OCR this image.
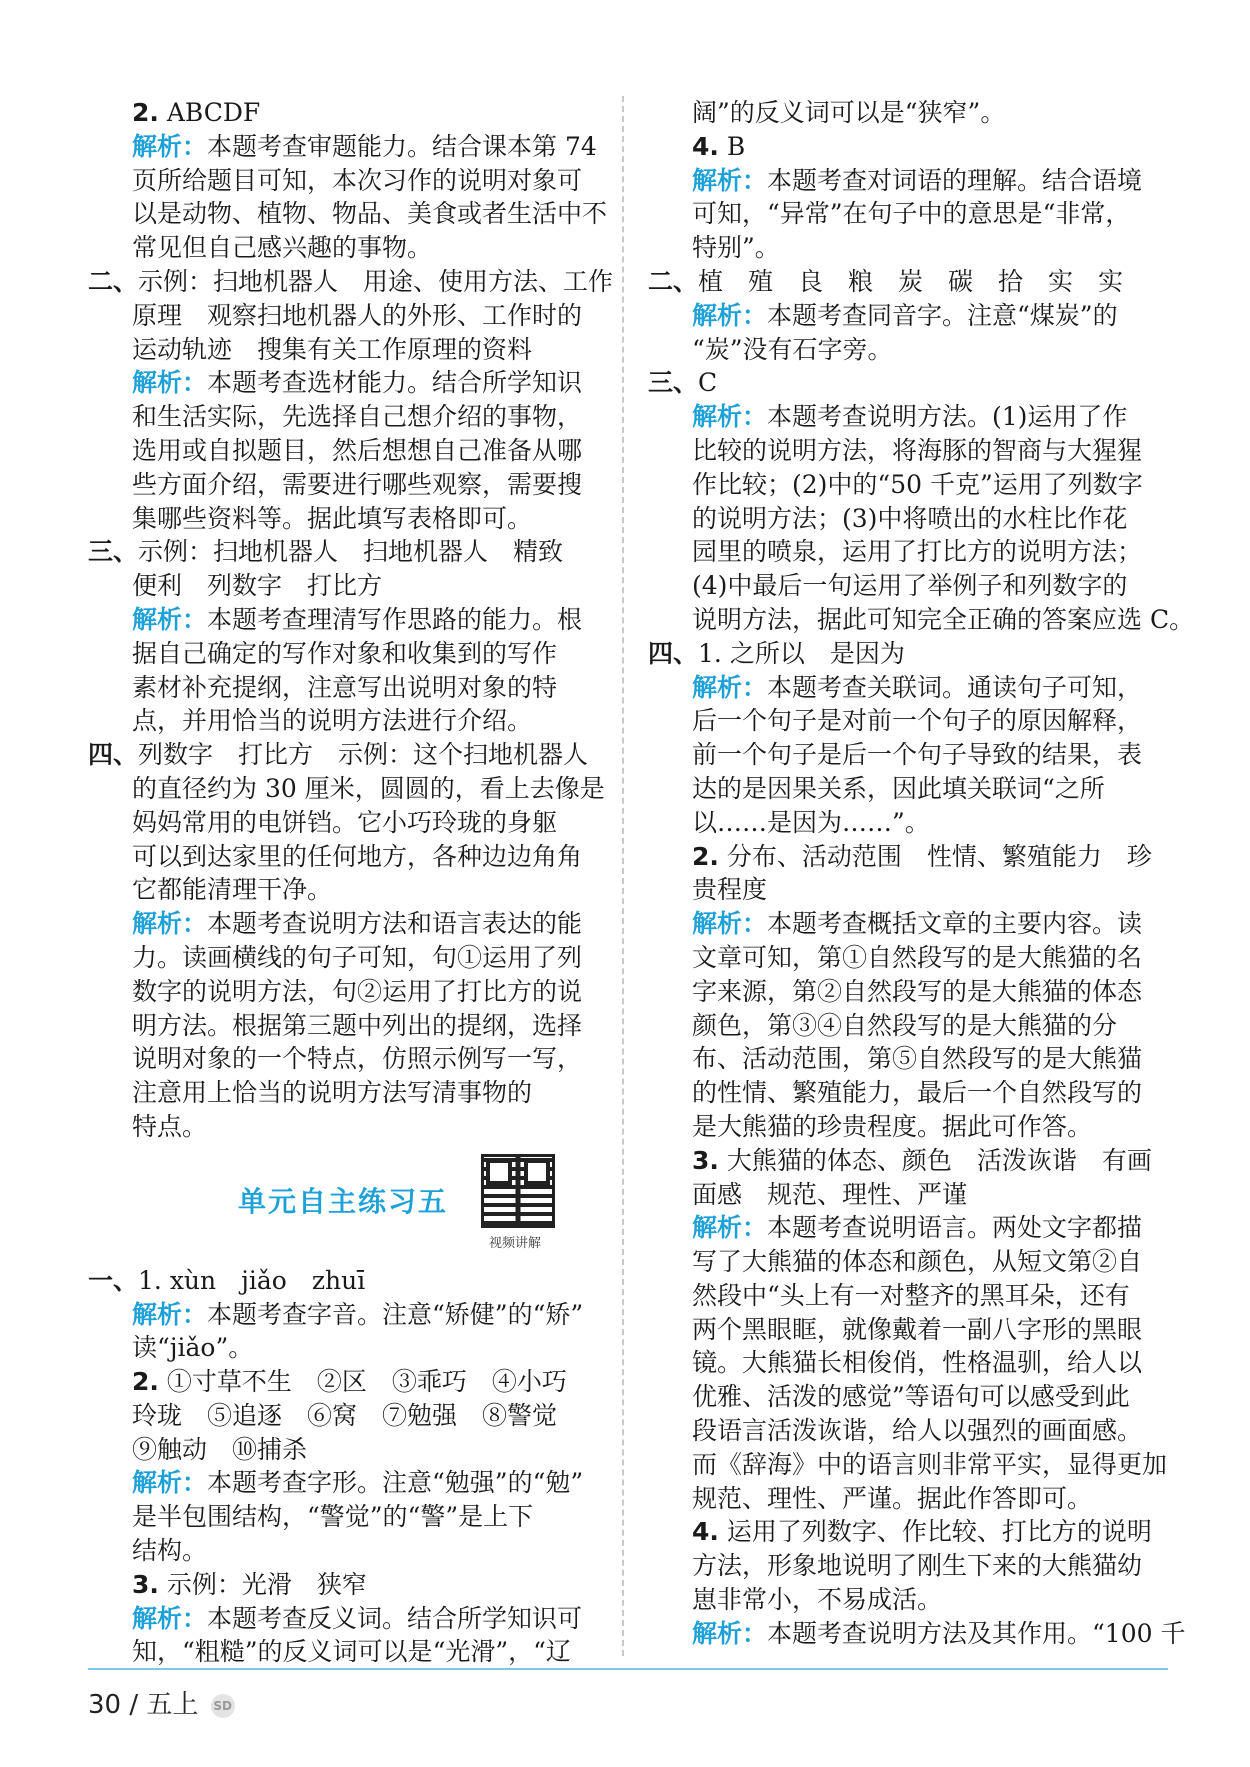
2. ABCDF
解析：本题考查审题能力。结合课本第 74
页所给题目可知，本次习作的说明对象可
以是动物、植物、物品、美食或者生活中不
常见但自己感兴趣的事物。
二、示例：扫地机器人　用途、使用方法、工作
原理　观察扫地机器人的外形、工作时的
运动轨迹　搜集有关工作原理的资料
解析：本题考查选材能力。结合所学知识
和生活实际，先选择自己想介绍的事物，
选用或自拟题目，然后想想自己准备从哪
些方面介绍，需要进行哪些观察，需要搜
集哪些资料等。据此填写表格即可。
三、示例：扫地机器人　扫地机器人　精致
便利　列数字　打比方
解析：本题考查理清写作思路的能力。根
据自己确定的写作对象和收集到的写作
素材补充提纲，注意写出说明对象的特
点，并用恰当的说明方法进行介绍。
四、列数字　打比方　示例：这个扫地机器人
的直径约为 30 厘米，圆圆的，看上去像是
妈妈常用的电饼铛。它小巧玲珑的身躯
可以到达家里的任何地方，各种边边角角
它都能清理干净。
解析：本题考查说明方法和语言表达的能
力。读画横线的句子可知，句①运用了列
数字的说明方法，句②运用了打比方的说
明方法。根据第三题中列出的提纲，选择
说明对象的一个特点，仿照示例写一写，
注意用上恰当的说明方法写清事物的
特点。
单元自主练习五
视频讲解
一、1. xùn　jiǎo　zhuī
解析：本题考查字音。注意“矫健”的“矫”
读“jiǎo”。
2. ①寸草不生　②区　③乖巧　④小巧
玲珑　⑤追逐　⑥窝　⑦勉强　⑧警觉
⑨触动　⑩捕杀
解析：本题考查字形。注意“勉强”的“勉”
是半包围结构，“警觉”的“警”是上下
结构。
3. 示例：光滑　狭窄
解析：本题考查反义词。结合所学知识可
知，“粗糙”的反义词可以是“光滑”，“辽
阔”的反义词可以是“狭窄”。
4. B
解析：本题考查对词语的理解。结合语境
可知，“异常”在句子中的意思是“非常，
特别”。
二、植　殖　良　粮　炭　碳　拾　实　实
解析：本题考查同音字。注意“煤炭”的
“炭”没有石字旁。
三、C
解析：本题考查说明方法。(1)运用了作
比较的说明方法，将海豚的智商与大猩猩
作比较；(2)中的“50 千克”运用了列数字
的说明方法；(3)中将喷出的水柱比作花
园里的喷泉，运用了打比方的说明方法；
(4)中最后一句运用了举例子和列数字的
说明方法，据此可知完全正确的答案应选 C。
四、1. 之所以　是因为
解析：本题考查关联词。通读句子可知，
后一个句子是对前一个句子的原因解释，
前一个句子是后一个句子导致的结果，表
达的是因果关系，因此填关联词“之所
以……是因为……”。
2. 分布、活动范围　性情、繁殖能力　珍
贵程度
解析：本题考查概括文章的主要内容。读
文章可知，第①自然段写的是大熊猫的名
字来源，第②自然段写的是大熊猫的体态
颜色，第③④自然段写的是大熊猫的分
布、活动范围，第⑤自然段写的是大熊猫
的性情、繁殖能力，最后一个自然段写的
是大熊猫的珍贵程度。据此可作答。
3. 大熊猫的体态、颜色　活泼诙谐　有画
面感　规范、理性、严谨
解析：本题考查说明语言。两处文字都描
写了大熊猫的体态和颜色，从短文第②自
然段中“头上有一对整齐的黑耳朵，还有
两个黑眼眶，就像戴着一副八字形的黑眼
镜。大熊猫长相俊俏，性格温驯，给人以
优雅、活泼的感觉”等语句可以感受到此
段语言活泼诙谐，给人以强烈的画面感。
而《辞海》中的语言则非常平实，显得更加
规范、理性、严谨。据此作答即可。
4. 运用了列数字、作比较、打比方的说明
方法，形象地说明了刚生下来的大熊猫幼
崽非常小，不易成活。
解析：本题考查说明方法及其作用。“100 千
30 / 五上 SD
